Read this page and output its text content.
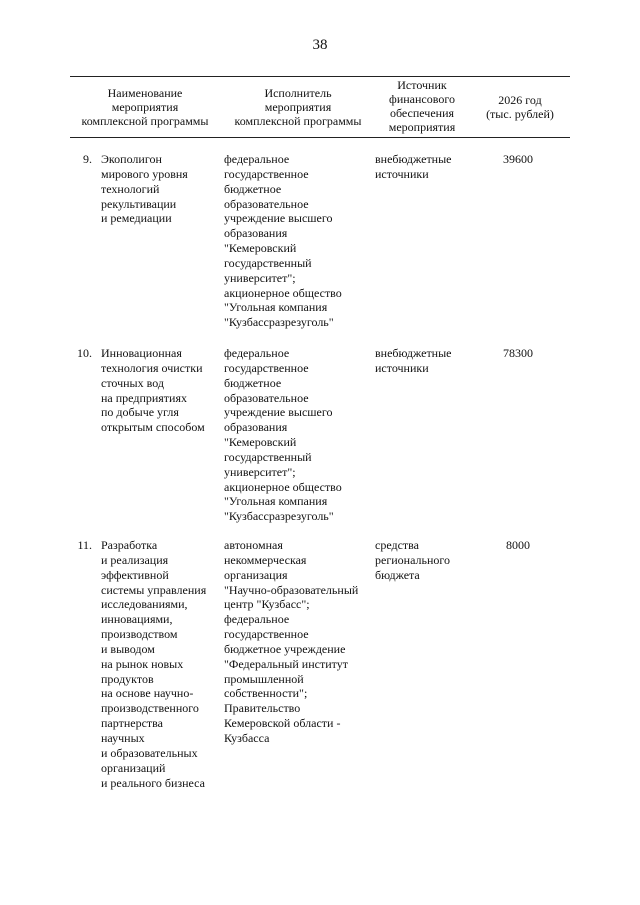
38
Наименование
мероприятия
комплексной программы
Исполнитель
мероприятия
комплексной программы
Источник
финансового
обеспечения
мероприятия
2026 год
(тыс. рублей)
9. Экополигон
мирового уровня
технологий
рекультивации
и ремедиации
федеральное
государственное
бюджетное
образовательное
учреждение высшего
образования
"Кемеровский
государственный
университет";
акционерное общество
"Угольная компания
"Кузбассразрезуголь"
внебюджетные
источники
39600
10. Инновационная
технология очистки
сточных вод
на предприятиях
по добыче угля
открытым способом
федеральное
государственное
бюджетное
образовательное
учреждение высшего
образования
"Кемеровский
государственный
университет";
акционерное общество
"Угольная компания
"Кузбассразрезуголь"
внебюджетные
источники
78300
11. Разработка
и реализация
эффективной
системы управления
исследованиями,
инновациями,
производством
и выводом
на рынок новых
продуктов
на основе научно-
производственного
партнерства
научных
и образовательных
организаций
и реального бизнеса
автономная
некоммерческая
организация
"Научно-образовательный
центр "Кузбасс";
федеральное
государственное
бюджетное учреждение
"Федеральный институт
промышленной
собственности";
Правительство
Кемеровской области -
Кузбасса
средства
регионального
бюджета
8000
